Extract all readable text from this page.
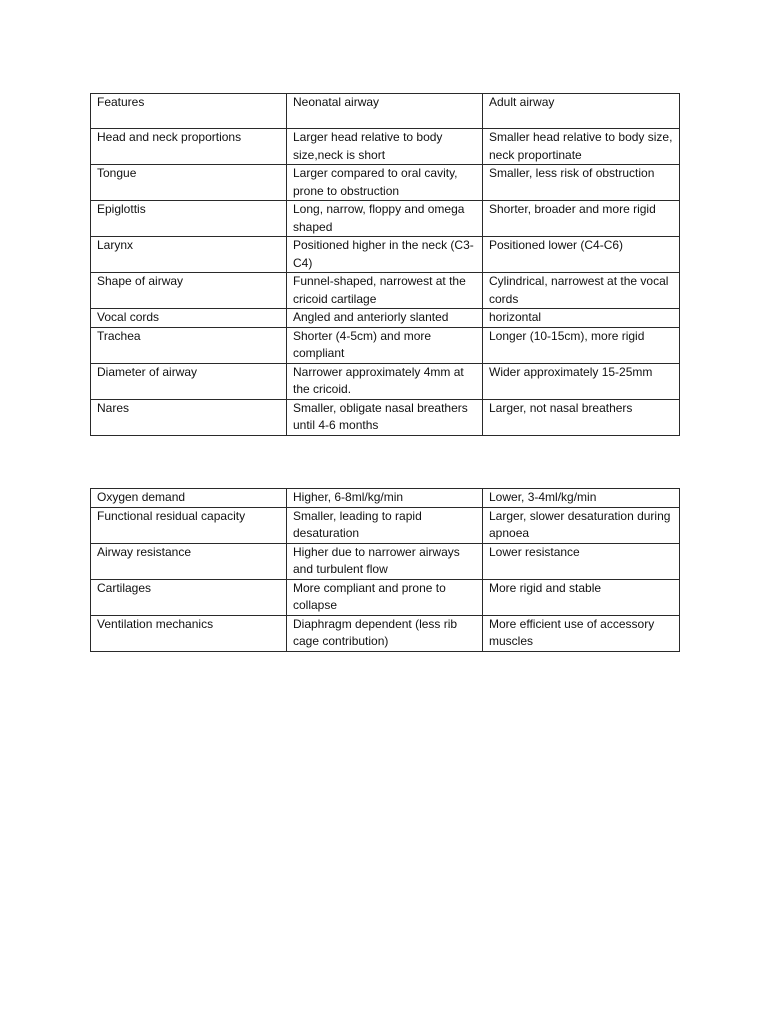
Features	Neonatal airway	Adult airway
Head and neck proportions	Larger head relative to body size,neck is short	Smaller head relative to body size, neck proportinate
Tongue	Larger compared to oral cavity, prone to obstruction	Smaller, less risk of obstruction
Epiglottis	Long, narrow, floppy and omega shaped	Shorter, broader and more rigid
Larynx	Positioned higher in the neck (C3-C4)	Positioned lower (C4-C6)
Shape of airway	Funnel-shaped, narrowest at the cricoid cartilage	Cylindrical, narrowest at the vocal cords
Vocal cords	Angled and anteriorly slanted	horizontal
Trachea	Shorter (4-5cm) and more compliant	Longer (10-15cm), more rigid
Diameter of airway	Narrower approximately 4mm at the cricoid.	Wider approximately 15-25mm
Nares	Smaller, obligate nasal breathers until 4-6 months	Larger, not nasal breathers
Oxygen demand	Higher, 6-8ml/kg/min	Lower, 3-4ml/kg/min
Functional residual capacity	Smaller, leading to rapid desaturation	Larger, slower desaturation during apnoea
Airway resistance	Higher due to narrower airways and turbulent flow	Lower resistance
Cartilages	More compliant and prone to collapse	More rigid and stable
Ventilation mechanics	Diaphragm dependent (less rib cage contribution)	More efficient use of accessory muscles
